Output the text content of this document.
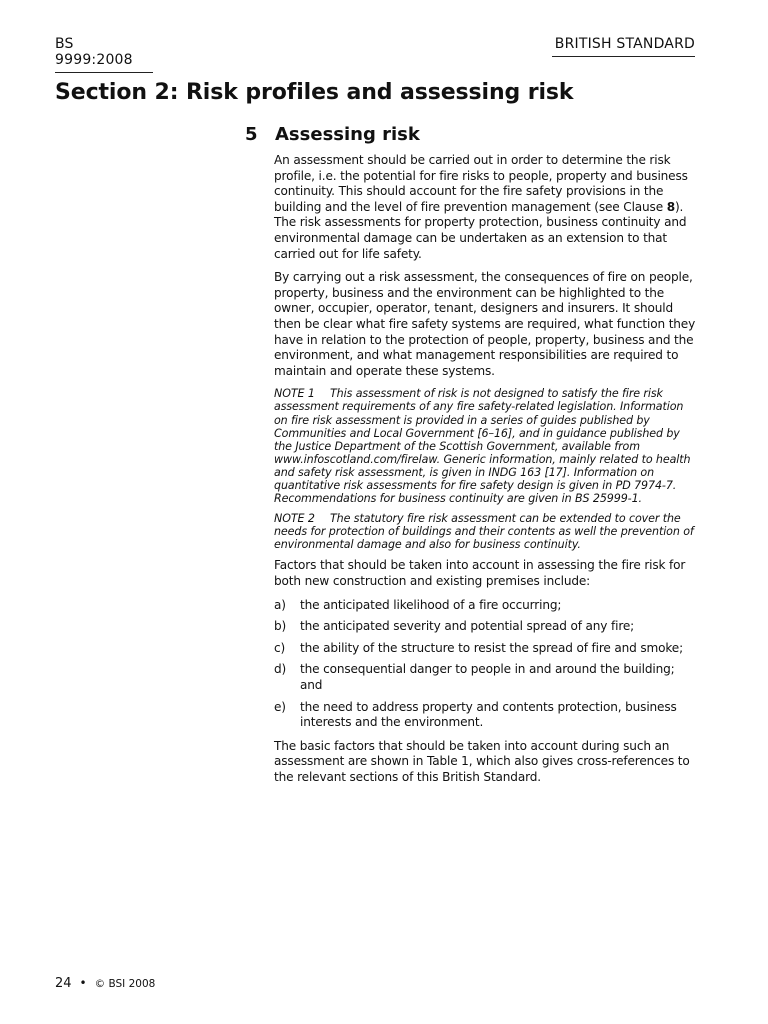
BS 9999:2008
BRITISH STANDARD
Section 2: Risk profiles and assessing risk
5 Assessing risk

An assessment should be carried out in order to determine the risk profile, i.e. the potential for fire risks to people, property and business continuity. This should account for the fire safety provisions in the building and the level of fire prevention management (see Clause 8). The risk assessments for property protection, business continuity and environmental damage can be undertaken as an extension to that carried out for life safety.

By carrying out a risk assessment, the consequences of fire on people, property, business and the environment can be highlighted to the owner, occupier, operator, tenant, designers and insurers. It should then be clear what fire safety systems are required, what function they have in relation to the protection of people, property, business and the environment, and what management responsibilities are required to maintain and operate these systems.

NOTE 1 This assessment of risk is not designed to satisfy the fire risk assessment requirements of any fire safety-related legislation. Information on fire risk assessment is provided in a series of guides published by Communities and Local Government [6–16], and in guidance published by the Justice Department of the Scottish Government, available from www.infoscotland.com/firelaw. Generic information, mainly related to health and safety risk assessment, is given in INDG 163 [17]. Information on quantitative risk assessments for fire safety design is given in PD 7974-7. Recommendations for business continuity are given in BS 25999-1.

NOTE 2 The statutory fire risk assessment can be extended to cover the needs for protection of buildings and their contents as well the prevention of environmental damage and also for business continuity.

Factors that should be taken into account in assessing the fire risk for both new construction and existing premises include:

a) the anticipated likelihood of a fire occurring;
b) the anticipated severity and potential spread of any fire;
c) the ability of the structure to resist the spread of fire and smoke;
d) the consequential danger to people in and around the building; and
e) the need to address property and contents protection, business interests and the environment.

The basic factors that should be taken into account during such an assessment are shown in Table 1, which also gives cross-references to the relevant sections of this British Standard.

24 • © BSI 2008
